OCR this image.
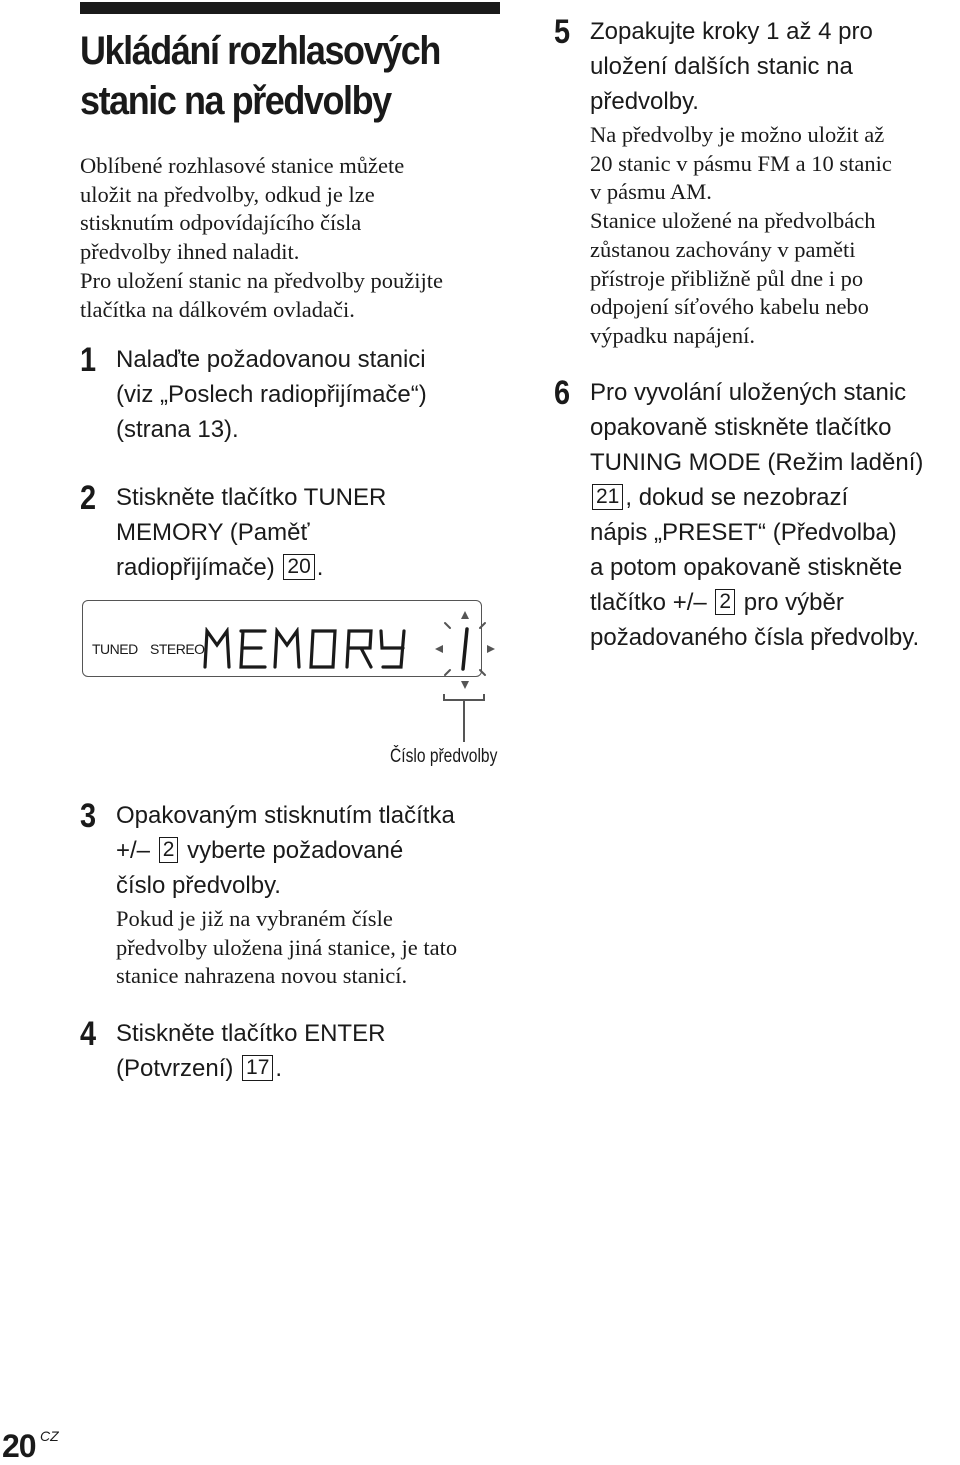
Ukládání rozhlasových
stanic na předvolby
Oblíbené rozhlasové stanice můžete
uložit na předvolby, odkud je lze
stisknutím odpovídajícího čísla
předvolby ihned naladit.
Pro uložení stanic na předvolby použijte
tlačítka na dálkovém ovladači.
1 Nalaďte požadovanou stanici
(viz „Poslech radiopřijímače“)
(strana 13).
2 Stiskněte tlačítko TUNER
MEMORY (Paměť
radiopřijímače) 20 .
TUNED STEREO
Číslo předvolby
3 Opakovaným stisknutím tlačítka
+/– 2 vyberte požadované
číslo předvolby.
Pokud je již na vybraném čísle
předvolby uložena jiná stanice, je tato
stanice nahrazena novou stanicí.
4 Stiskněte tlačítko ENTER
(Potvrzení) 17 .
5 Zopakujte kroky 1 až 4 pro
uložení dalších stanic na
předvolby.
Na předvolby je možno uložit až
20 stanic v pásmu FM a 10 stanic
v pásmu AM.
Stanice uložené na předvolbách
zůstanou zachovány v paměti
přístroje přibližně půl dne i po
odpojení síťového kabelu nebo
výpadku napájení.
6 Pro vyvolání uložených stanic
opakovaně stiskněte tlačítko
TUNING MODE (Režim ladění)
21 , dokud se nezobrazí
nápis „PRESET“ (Předvolba)
a potom opakovaně stiskněte
tlačítko +/– 2 pro výběr
požadovaného čísla předvolby.
20 CZ
